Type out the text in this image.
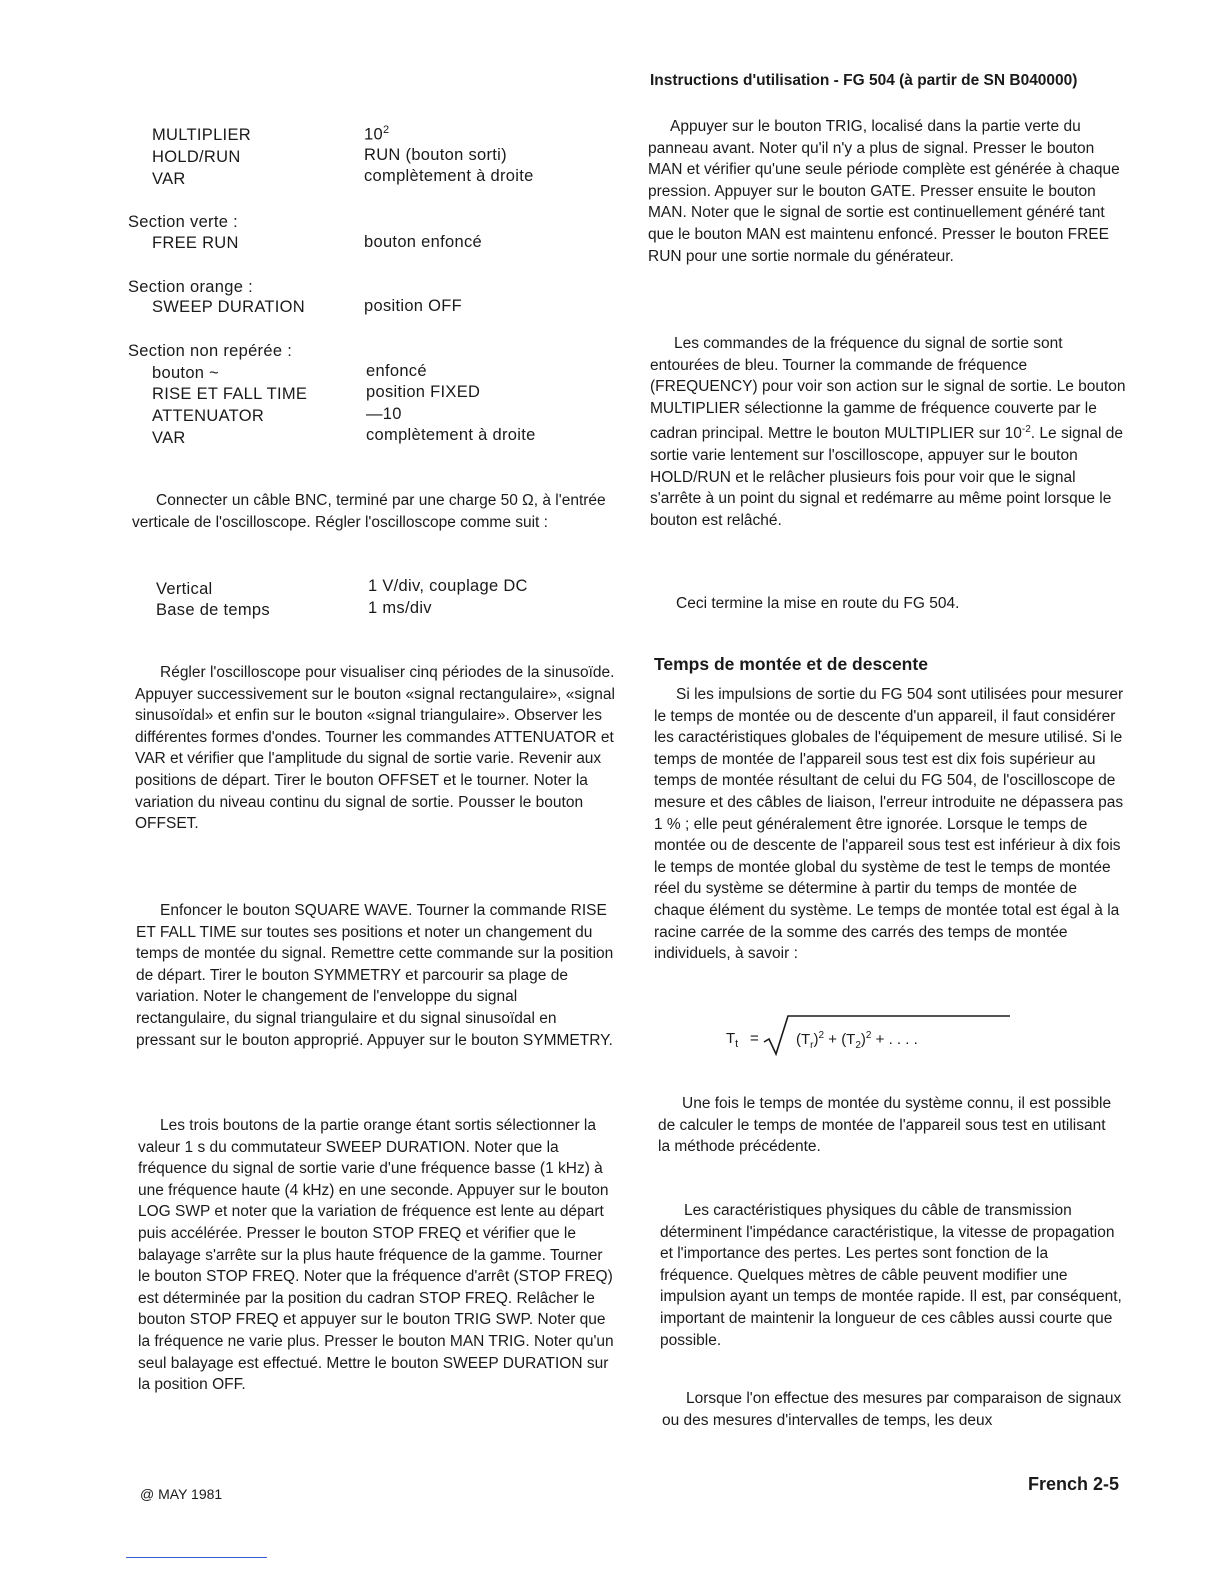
Instructions d'utilisation - FG 504 (à partir de SN B040000)
MULTIPLIER	$10^2$
HOLD/RUN	RUN (bouton sorti)
VAR	complètement à droite
Section verte :
FREE RUN	bouton enfoncé
Section orange :
SWEEP DURATION	position OFF
Section non repérée :
bouton ~	enfoncé
RISE ET FALL TIME	position FIXED
ATTENUATOR	—10
VAR	complètement à droite

Connecter un câble BNC, terminé par une charge 50 Ω, à l'entrée verticale de l'oscilloscope. Régler l'oscilloscope comme suit :

Vertical	1 V/div, couplage DC
Base de temps	1 ms/div

Régler l'oscilloscope pour visualiser cinq périodes de la sinusoïde. Appuyer successivement sur le bouton «signal rectangulaire», «signal sinusoïdal» et enfin sur le bouton «signal triangulaire». Observer les différentes formes d'ondes. Tourner les commandes ATTENUATOR et VAR et vérifier que l'amplitude du signal de sortie varie. Revenir aux positions de départ. Tirer le bouton OFFSET et le tourner. Noter la variation du niveau continu du signal de sortie. Pousser le bouton OFFSET.

Enfoncer le bouton SQUARE WAVE. Tourner la commande RISE ET FALL TIME sur toutes ses positions et noter un changement du temps de montée du signal. Remettre cette commande sur la position de départ. Tirer le bouton SYMMETRY et parcourir sa plage de variation. Noter le changement de l'enveloppe du signal rectangulaire, du signal triangulaire et du signal sinusoïdal en pressant sur le bouton approprié. Appuyer sur le bouton SYMMETRY.

Les trois boutons de la partie orange étant sortis sélectionner la valeur 1 s du commutateur SWEEP DURATION. Noter que la fréquence du signal de sortie varie d'une fréquence basse (1 kHz) à une fréquence haute (4 kHz) en une seconde. Appuyer sur le bouton LOG SWP et noter que la variation de fréquence est lente au départ puis accélérée. Presser le bouton STOP FREQ et vérifier que le balayage s'arrête sur la plus haute fréquence de la gamme. Tourner le bouton STOP FREQ. Noter que la fréquence d'arrêt (STOP FREQ) est déterminée par la position du cadran STOP FREQ. Relâcher le bouton STOP FREQ et appuyer sur le bouton TRIG SWP. Noter que la fréquence ne varie plus. Presser le bouton MAN TRIG. Noter qu'un seul balayage est effectué. Mettre le bouton SWEEP DURATION sur la position OFF.

Appuyer sur le bouton TRIG, localisé dans la partie verte du panneau avant. Noter qu'il n'y a plus de signal. Presser le bouton MAN et vérifier qu'une seule période complète est générée à chaque pression. Appuyer sur le bouton GATE. Presser ensuite le bouton MAN. Noter que le signal de sortie est continuellement généré tant que le bouton MAN est maintenu enfoncé. Presser le bouton FREE RUN pour une sortie normale du générateur.

Les commandes de la fréquence du signal de sortie sont entourées de bleu. Tourner la commande de fréquence (FREQUENCY) pour voir son action sur le signal de sortie. Le bouton MULTIPLIER sélectionne la gamme de fréquence couverte par le cadran principal. Mettre le bouton MULTIPLIER sur $10^{-2}$. Le signal de sortie varie lentement sur l'oscilloscope, appuyer sur le bouton HOLD/RUN et le relâcher plusieurs fois pour voir que le signal s'arrête à un point du signal et redémarre au même point lorsque le bouton est relâché.

Ceci termine la mise en route du FG 504.

Temps de montée et de descente

Si les impulsions de sortie du FG 504 sont utilisées pour mesurer le temps de montée ou de descente d'un appareil, il faut considérer les caractéristiques globales de l'équipement de mesure utilisé. Si le temps de montée de l'appareil sous test est dix fois supérieur au temps de montée résultant de celui du FG 504, de l'oscilloscope de mesure et des câbles de liaison, l'erreur introduite ne dépassera pas 1 % ; elle peut généralement être ignorée. Lorsque le temps de montée ou de descente de l'appareil sous test est inférieur à dix fois le temps de montée global du système de test le temps de montée réel du système se détermine à partir du temps de montée de chaque élément du système. Le temps de montée total est égal à la racine carrée de la somme des carrés des temps de montée individuels, à savoir :

$T_t = (T_r)^2 + (T_2)^2$ + . . . .

Une fois le temps de montée du système connu, il est possible de calculer le temps de montée de l'appareil sous test en utilisant la méthode précédente.

Les caractéristiques physiques du câble de transmission déterminent l'impédance caractéristique, la vitesse de propagation et l'importance des pertes. Les pertes sont fonction de la fréquence. Quelques mètres de câble peuvent modifier une impulsion ayant un temps de montée rapide. Il est, par conséquent, important de maintenir la longueur de ces câbles aussi courte que possible.

Lorsque l'on effectue des mesures par comparaison de signaux ou des mesures d'intervalles de temps, les deux

@ MAY 1981	French 2-5
